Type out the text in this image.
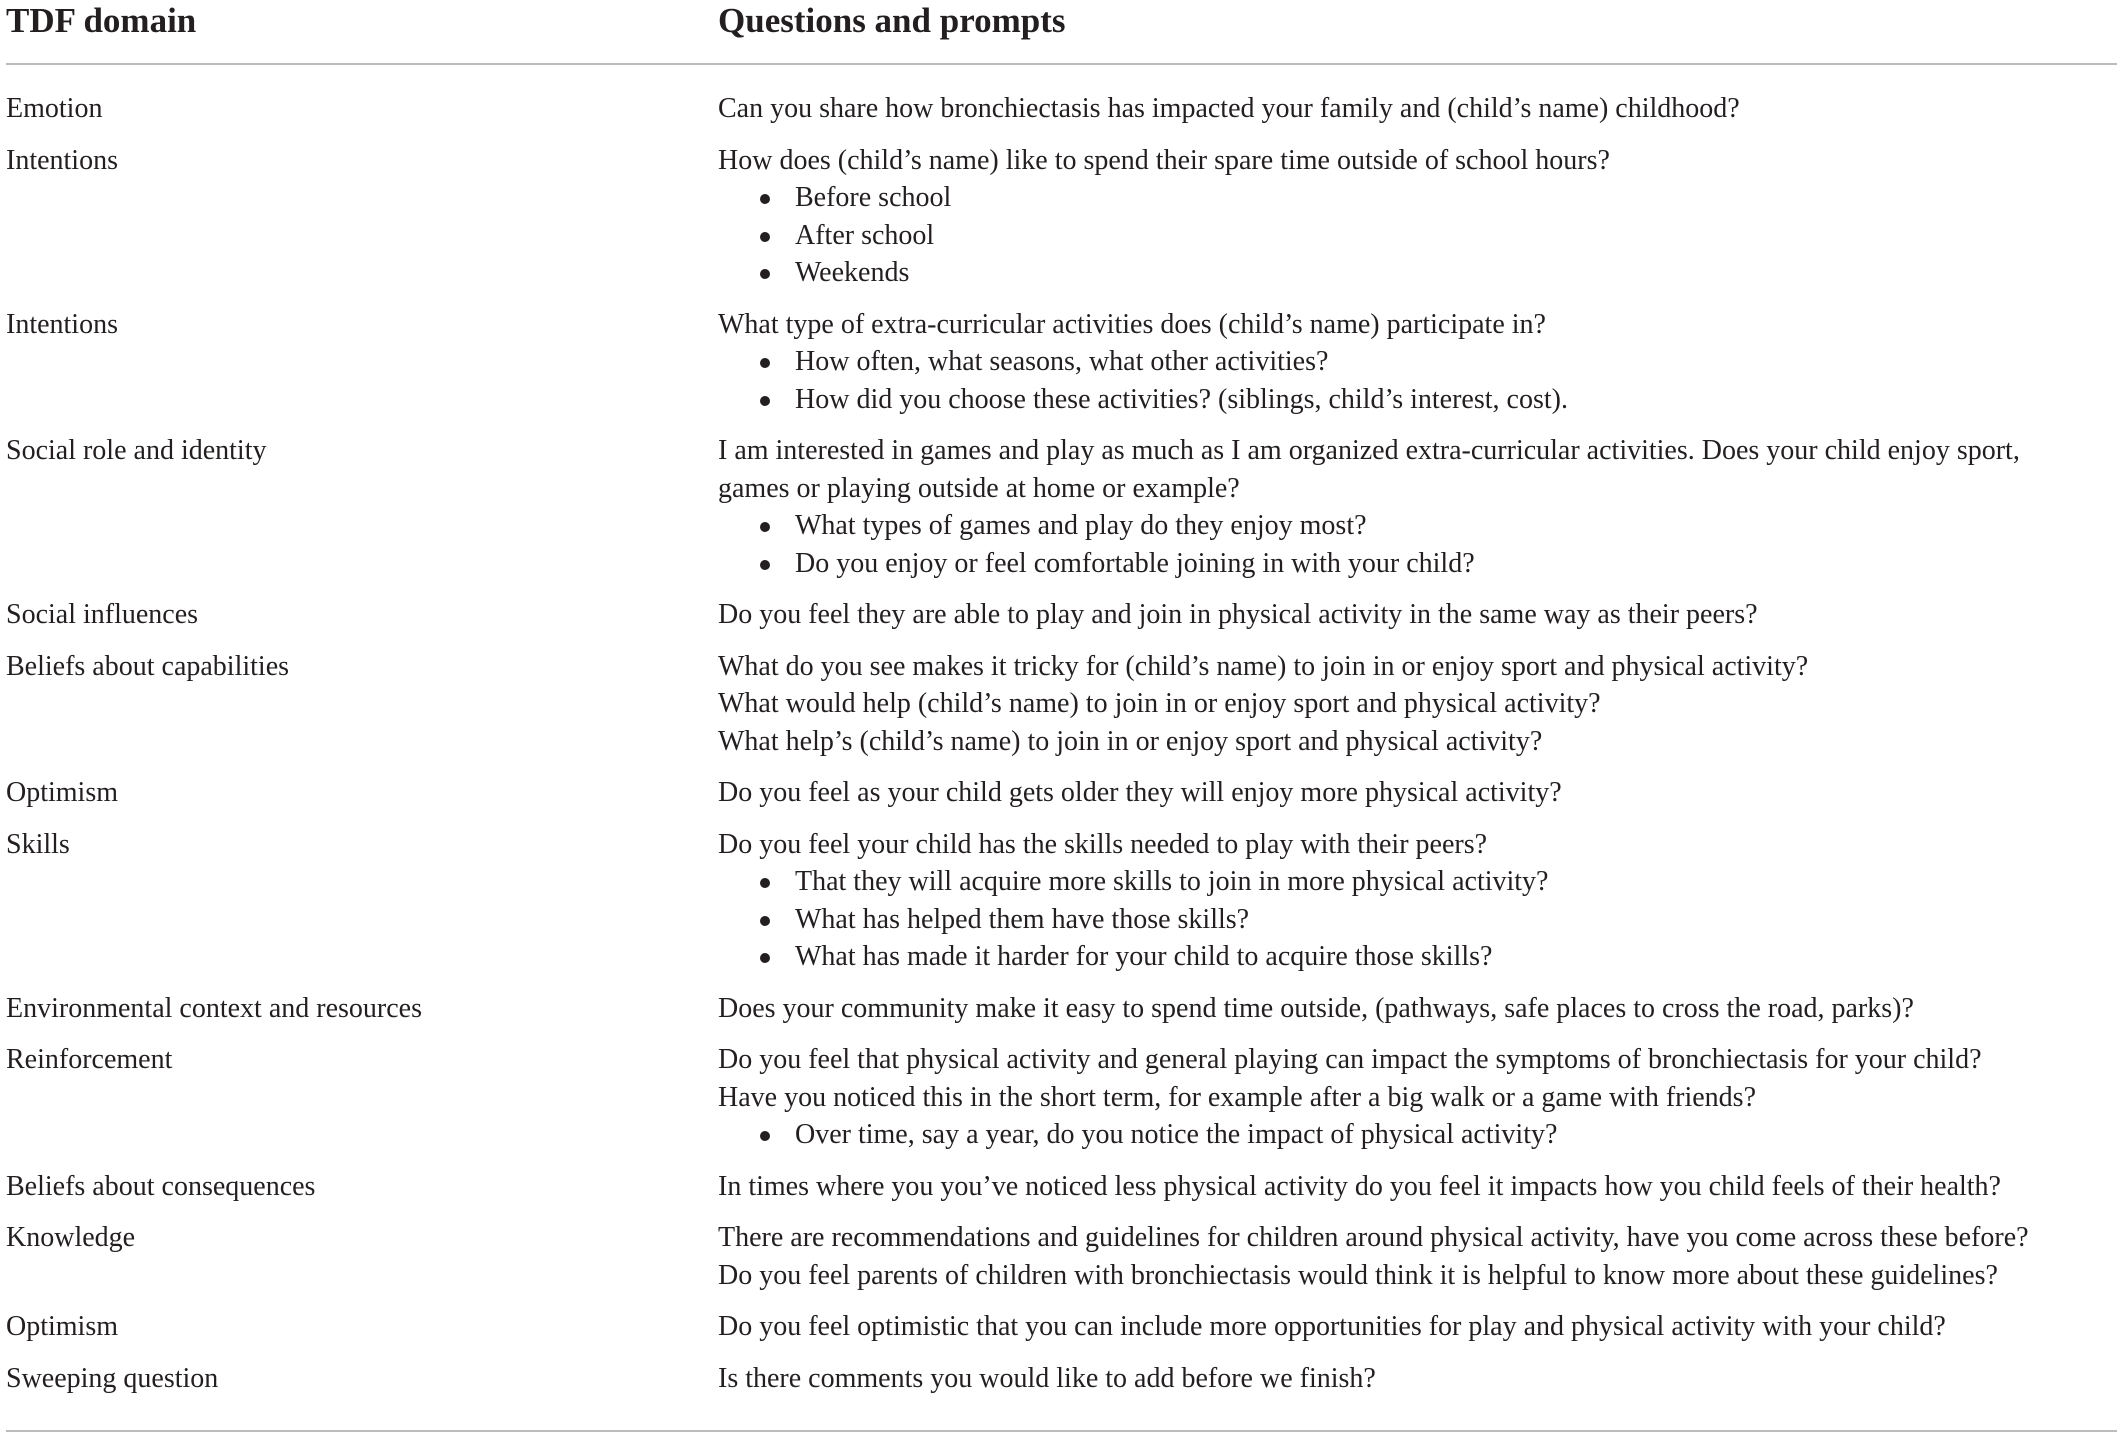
TDF domain	Questions and prompts
Emotion	Can you share how bronchiectasis has impacted your family and (child’s name) childhood?
Intentions	How does (child’s name) like to spend their spare time outside of school hours?
Before school
After school
Weekends
Intentions	What type of extra-curricular activities does (child’s name) participate in?
How often, what seasons, what other activities?
How did you choose these activities? (siblings, child’s interest, cost).
Social role and identity	I am interested in games and play as much as I am organized extra-curricular activities. Does your child enjoy sport,
games or playing outside at home or example?
What types of games and play do they enjoy most?
Do you enjoy or feel comfortable joining in with your child?
Social influences	Do you feel they are able to play and join in physical activity in the same way as their peers?
Beliefs about capabilities	What do you see makes it tricky for (child’s name) to join in or enjoy sport and physical activity?
What would help (child’s name) to join in or enjoy sport and physical activity?
What help’s (child’s name) to join in or enjoy sport and physical activity?
Optimism	Do you feel as your child gets older they will enjoy more physical activity?
Skills	Do you feel your child has the skills needed to play with their peers?
That they will acquire more skills to join in more physical activity?
What has helped them have those skills?
What has made it harder for your child to acquire those skills?
Environmental context and resources	Does your community make it easy to spend time outside, (pathways, safe places to cross the road, parks)?
Reinforcement	Do you feel that physical activity and general playing can impact the symptoms of bronchiectasis for your child?
Have you noticed this in the short term, for example after a big walk or a game with friends?
Over time, say a year, do you notice the impact of physical activity?
Beliefs about consequences	In times where you you’ve noticed less physical activity do you feel it impacts how you child feels of their health?
Knowledge	There are recommendations and guidelines for children around physical activity, have you come across these before?
Do you feel parents of children with bronchiectasis would think it is helpful to know more about these guidelines?
Optimism	Do you feel optimistic that you can include more opportunities for play and physical activity with your child?
Sweeping question	Is there comments you would like to add before we finish?
